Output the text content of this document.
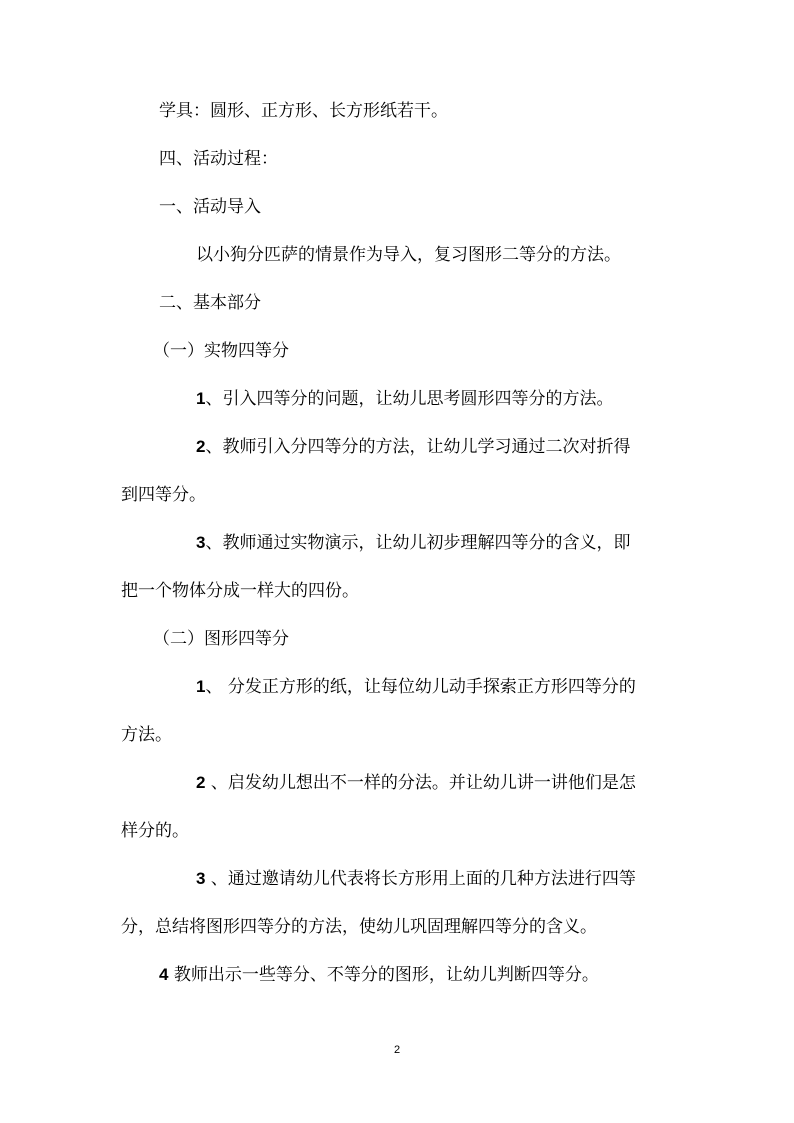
学具：圆形、正方形、长方形纸若干。
四、活动过程：
一、活动导入
以小狗分匹萨的情景作为导入，复习图形二等分的方法。
二、基本部分
（一）实物四等分
1、引入四等分的问题，让幼儿思考圆形四等分的方法。
2、教师引入分四等分的方法，让幼儿学习通过二次对折得
到四等分。
3、教师通过实物演示，让幼儿初步理解四等分的含义，即
把一个物体分成一样大的四份。
（二）图形四等分
1、 分发正方形的纸，让每位幼儿动手探索正方形四等分的
方法。
2 、启发幼儿想出不一样的分法。并让幼儿讲一讲他们是怎
样分的。
3 、通过邀请幼儿代表将长方形用上面的几种方法进行四等
分，总结将图形四等分的方法，使幼儿巩固理解四等分的含义。
4 教师出示一些等分、不等分的图形，让幼儿判断四等分。
2
